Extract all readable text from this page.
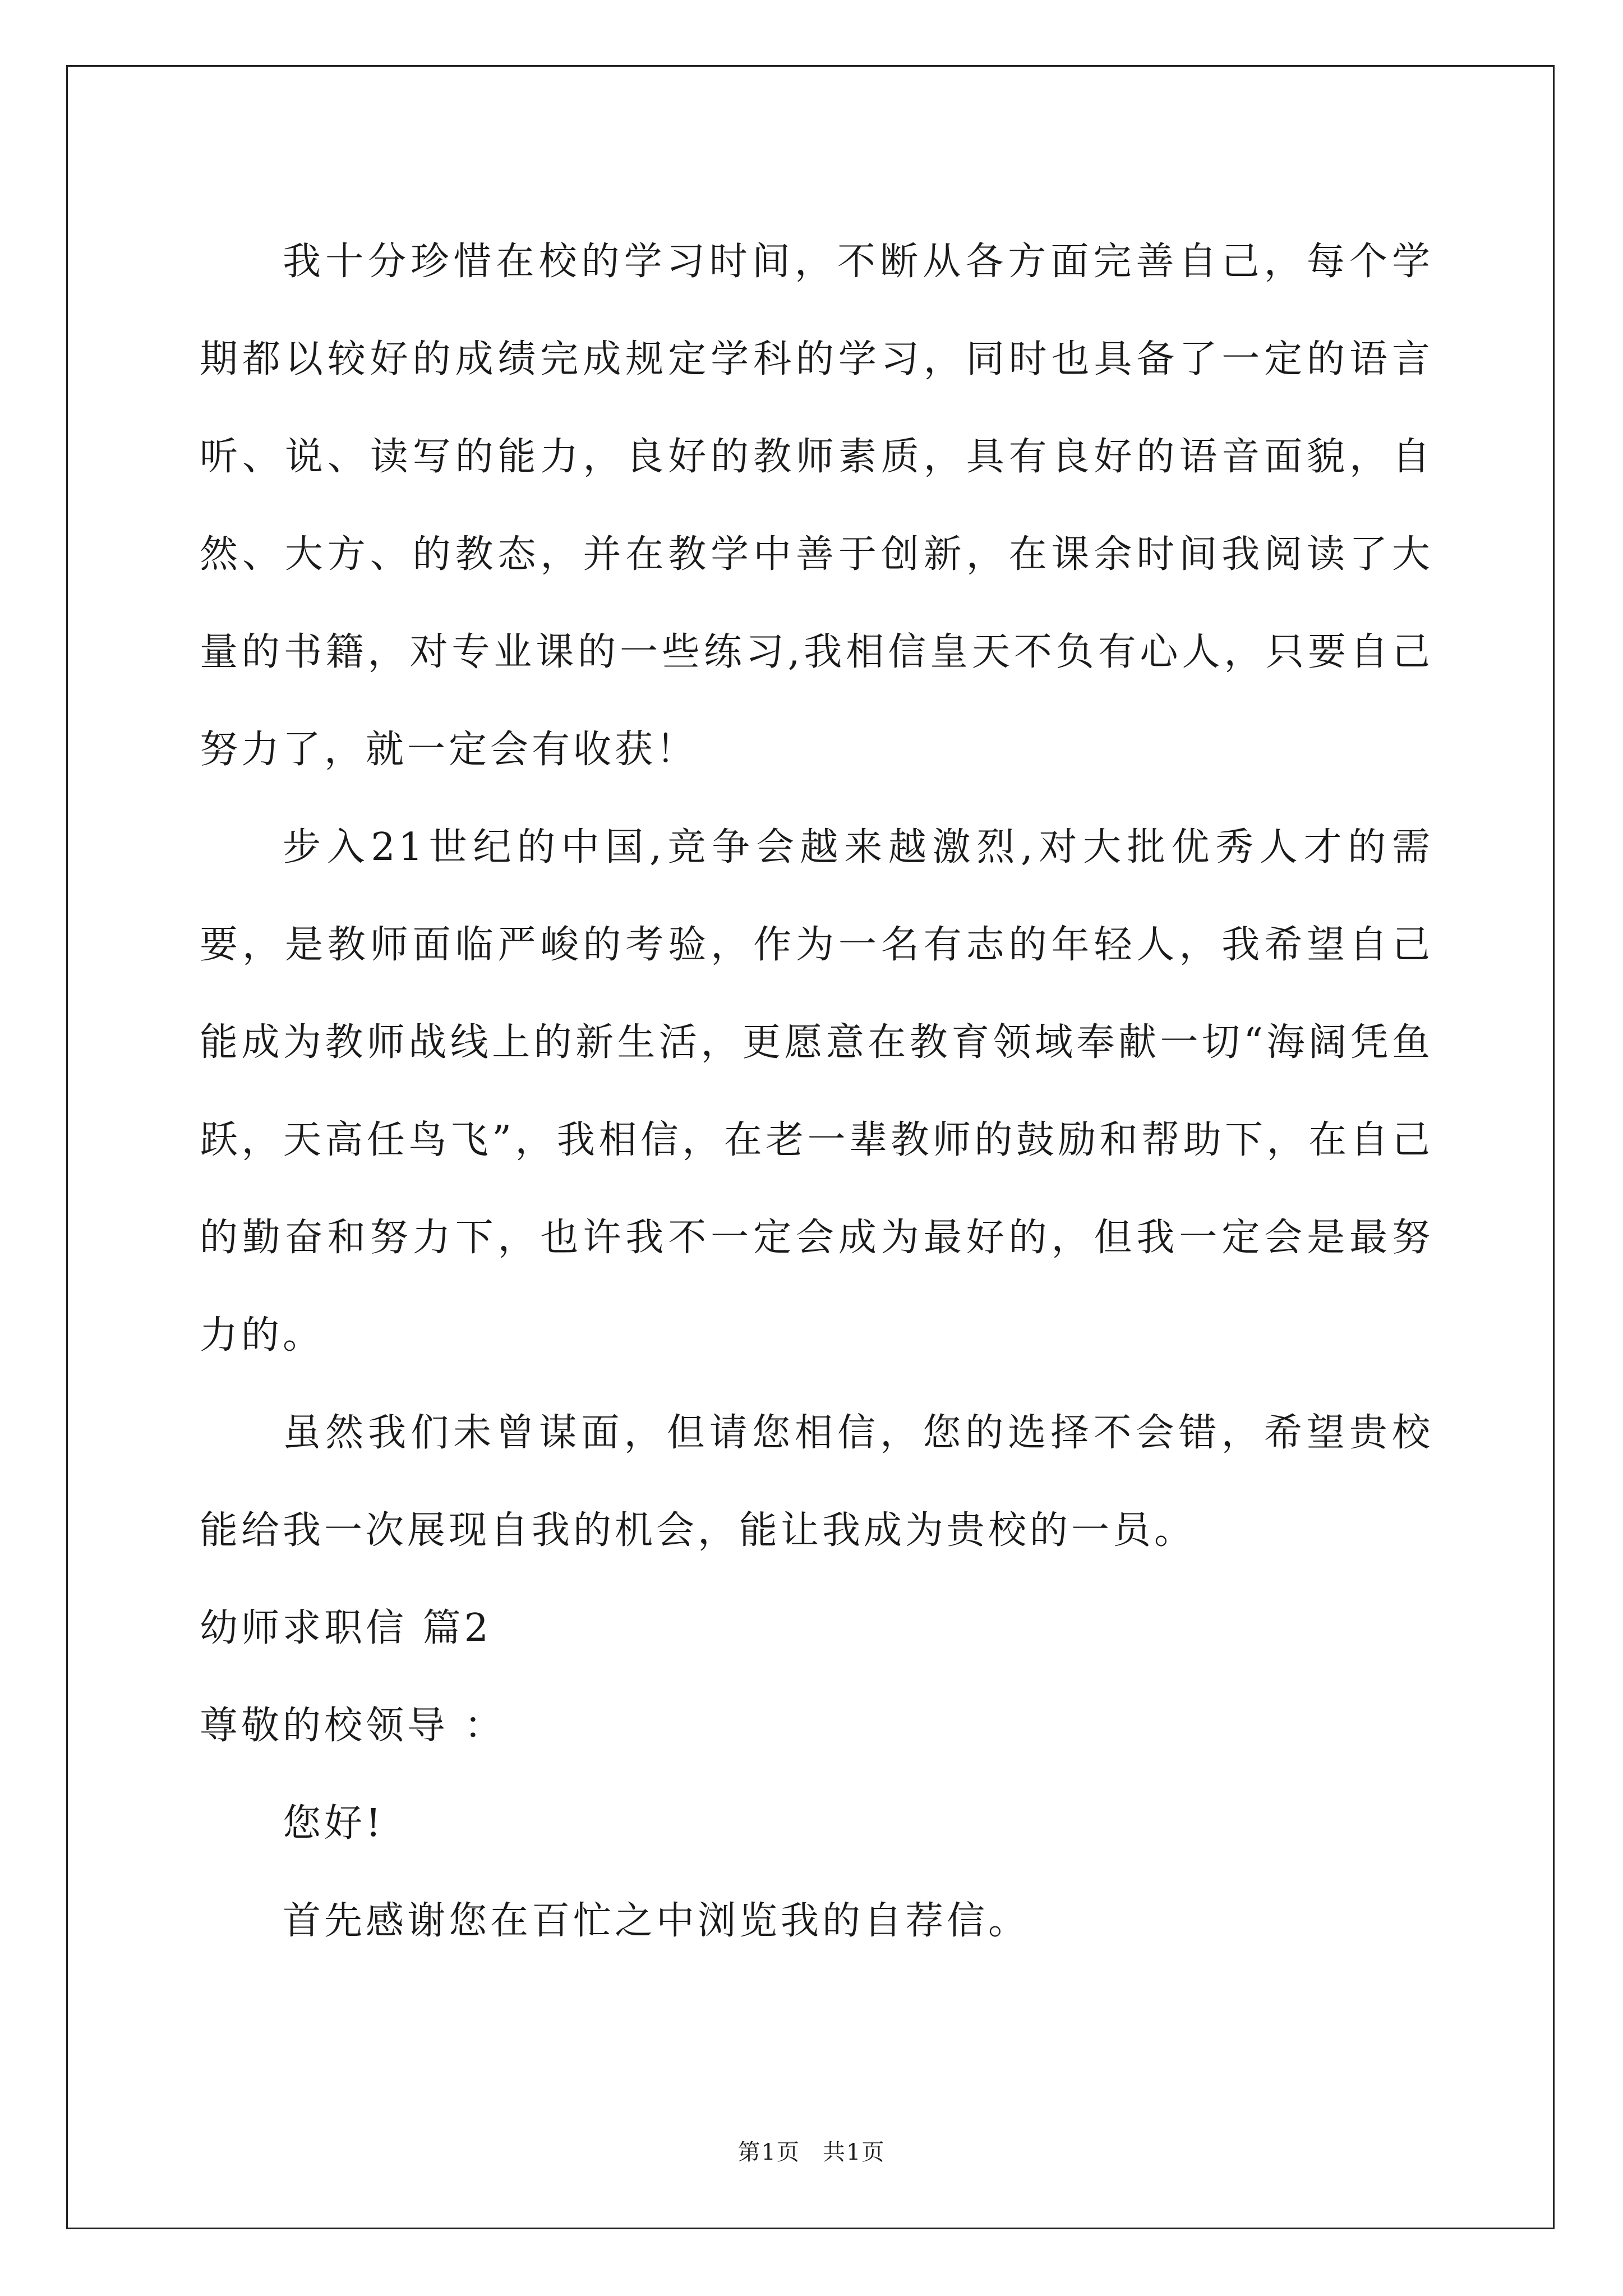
我十分珍惜在校的学习时间，不断从各方面完善自己，每个学期都以较好的成绩完成规定学科的学习，同时也具备了一定的语言听、说、读写的能力，良好的教师素质，具有良好的语音面貌，自然、大方、的教态，并在教学中善于创新，在课余时间我阅读了大量的书籍，对专业课的一些练习,我相信皇天不负有心人，只要自己努力了，就一定会有收获！

步入21世纪的中国,竞争会越来越激烈,对大批优秀人才的需要，是教师面临严峻的考验，作为一名有志的年轻人，我希望自己能成为教师战线上的新生活，更愿意在教育领域奉献一切“海阔凭鱼跃，天高任鸟飞”，我相信，在老一辈教师的鼓励和帮助下，在自己的勤奋和努力下，也许我不一定会成为最好的，但我一定会是最努力的。

虽然我们未曾谋面，但请您相信，您的选择不会错，希望贵校能给我一次展现自我的机会，能让我成为贵校的一员。

幼师求职信 篇2

尊敬的校领导 ：

您好!

首先感谢您在百忙之中浏览我的自荐信。

第1页 共1页
